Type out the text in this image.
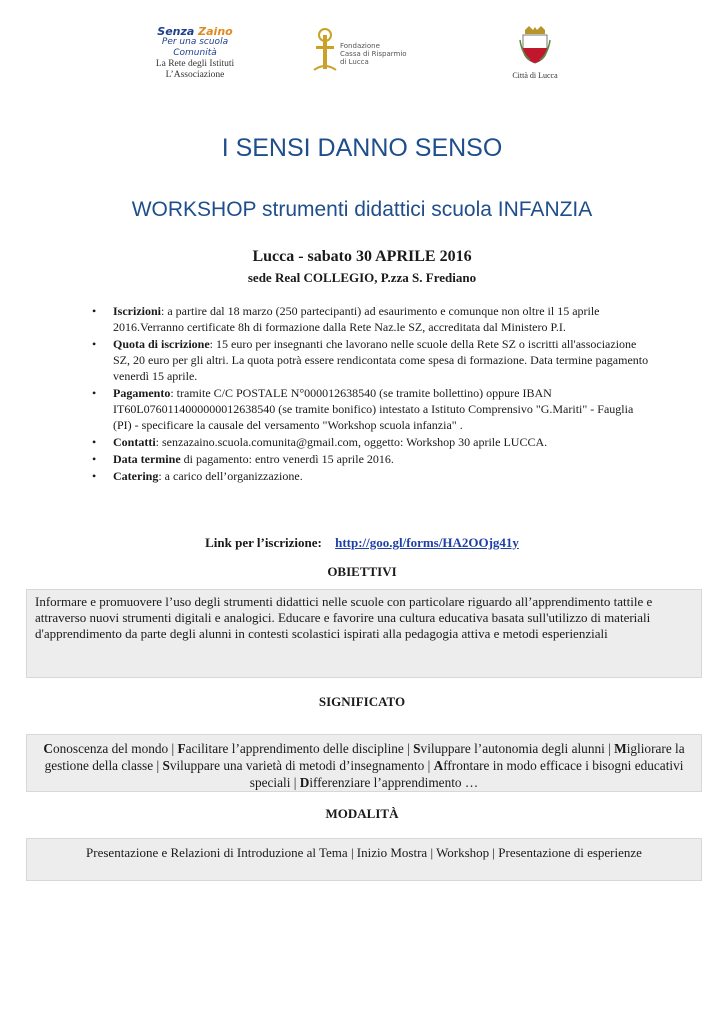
Senza Zaino
Per una scuola Comunità
La Rete degli Istituti
L’Associazione
Fondazione
Cassa di Risparmio
di Lucca
Città di Lucca
I SENSI DANNO SENSO
WORKSHOP strumenti didattici scuola INFANZIA
Lucca - sabato 30 APRILE 2016
sede Real COLLEGIO, P.zza S. Frediano
• Iscrizioni: a partire dal 18 marzo (250 partecipanti) ad esaurimento e comunque non oltre il 15 aprile 2016.Verranno certificate 8h di formazione dalla Rete Naz.le SZ, accreditata dal Ministero P.I.
• Quota di iscrizione: 15 euro per insegnanti che lavorano nelle scuole della Rete SZ o iscritti all'associazione SZ, 20 euro per gli altri. La quota potrà essere rendicontata come spesa di formazione. Data termine pagamento venerdì 15 aprile.
• Pagamento: tramite C/C POSTALE N°000012638540 (se tramite bollettino) oppure IBAN IT60L0760114000000012638540 (se tramite bonifico) intestato a Istituto Comprensivo "G.Mariti" - Fauglia (PI) - specificare la causale del versamento "Workshop scuola infanzia" .
• Contatti: senzazaino.scuola.comunita@gmail.com, oggetto: Workshop 30 aprile LUCCA.
• Data termine di pagamento: entro venerdì 15 aprile 2016.
• Catering: a carico dell’organizzazione.
Link per l’iscrizione: http://goo.gl/forms/HA2OOjg41y
OBIETTIVI
Informare e promuovere l’uso degli strumenti didattici nelle scuole con particolare riguardo all’apprendimento tattile e attraverso nuovi strumenti digitali e analogici. Educare e favorire una cultura educativa basata sull'utilizzo di materiali d'apprendimento da parte degli alunni in contesti scolastici ispirati alla pedagogia attiva e metodi esperienziali
SIGNIFICATO
Conoscenza del mondo | Facilitare l’apprendimento delle discipline | Sviluppare l’autonomia degli alunni | Migliorare la gestione della classe | Sviluppare una varietà di metodi d’insegnamento | Affrontare in modo efficace i bisogni educativi speciali | Differenziare l’apprendimento …
MODALITÀ
Presentazione e Relazioni di Introduzione al Tema | Inizio Mostra | Workshop | Presentazione di esperienze
